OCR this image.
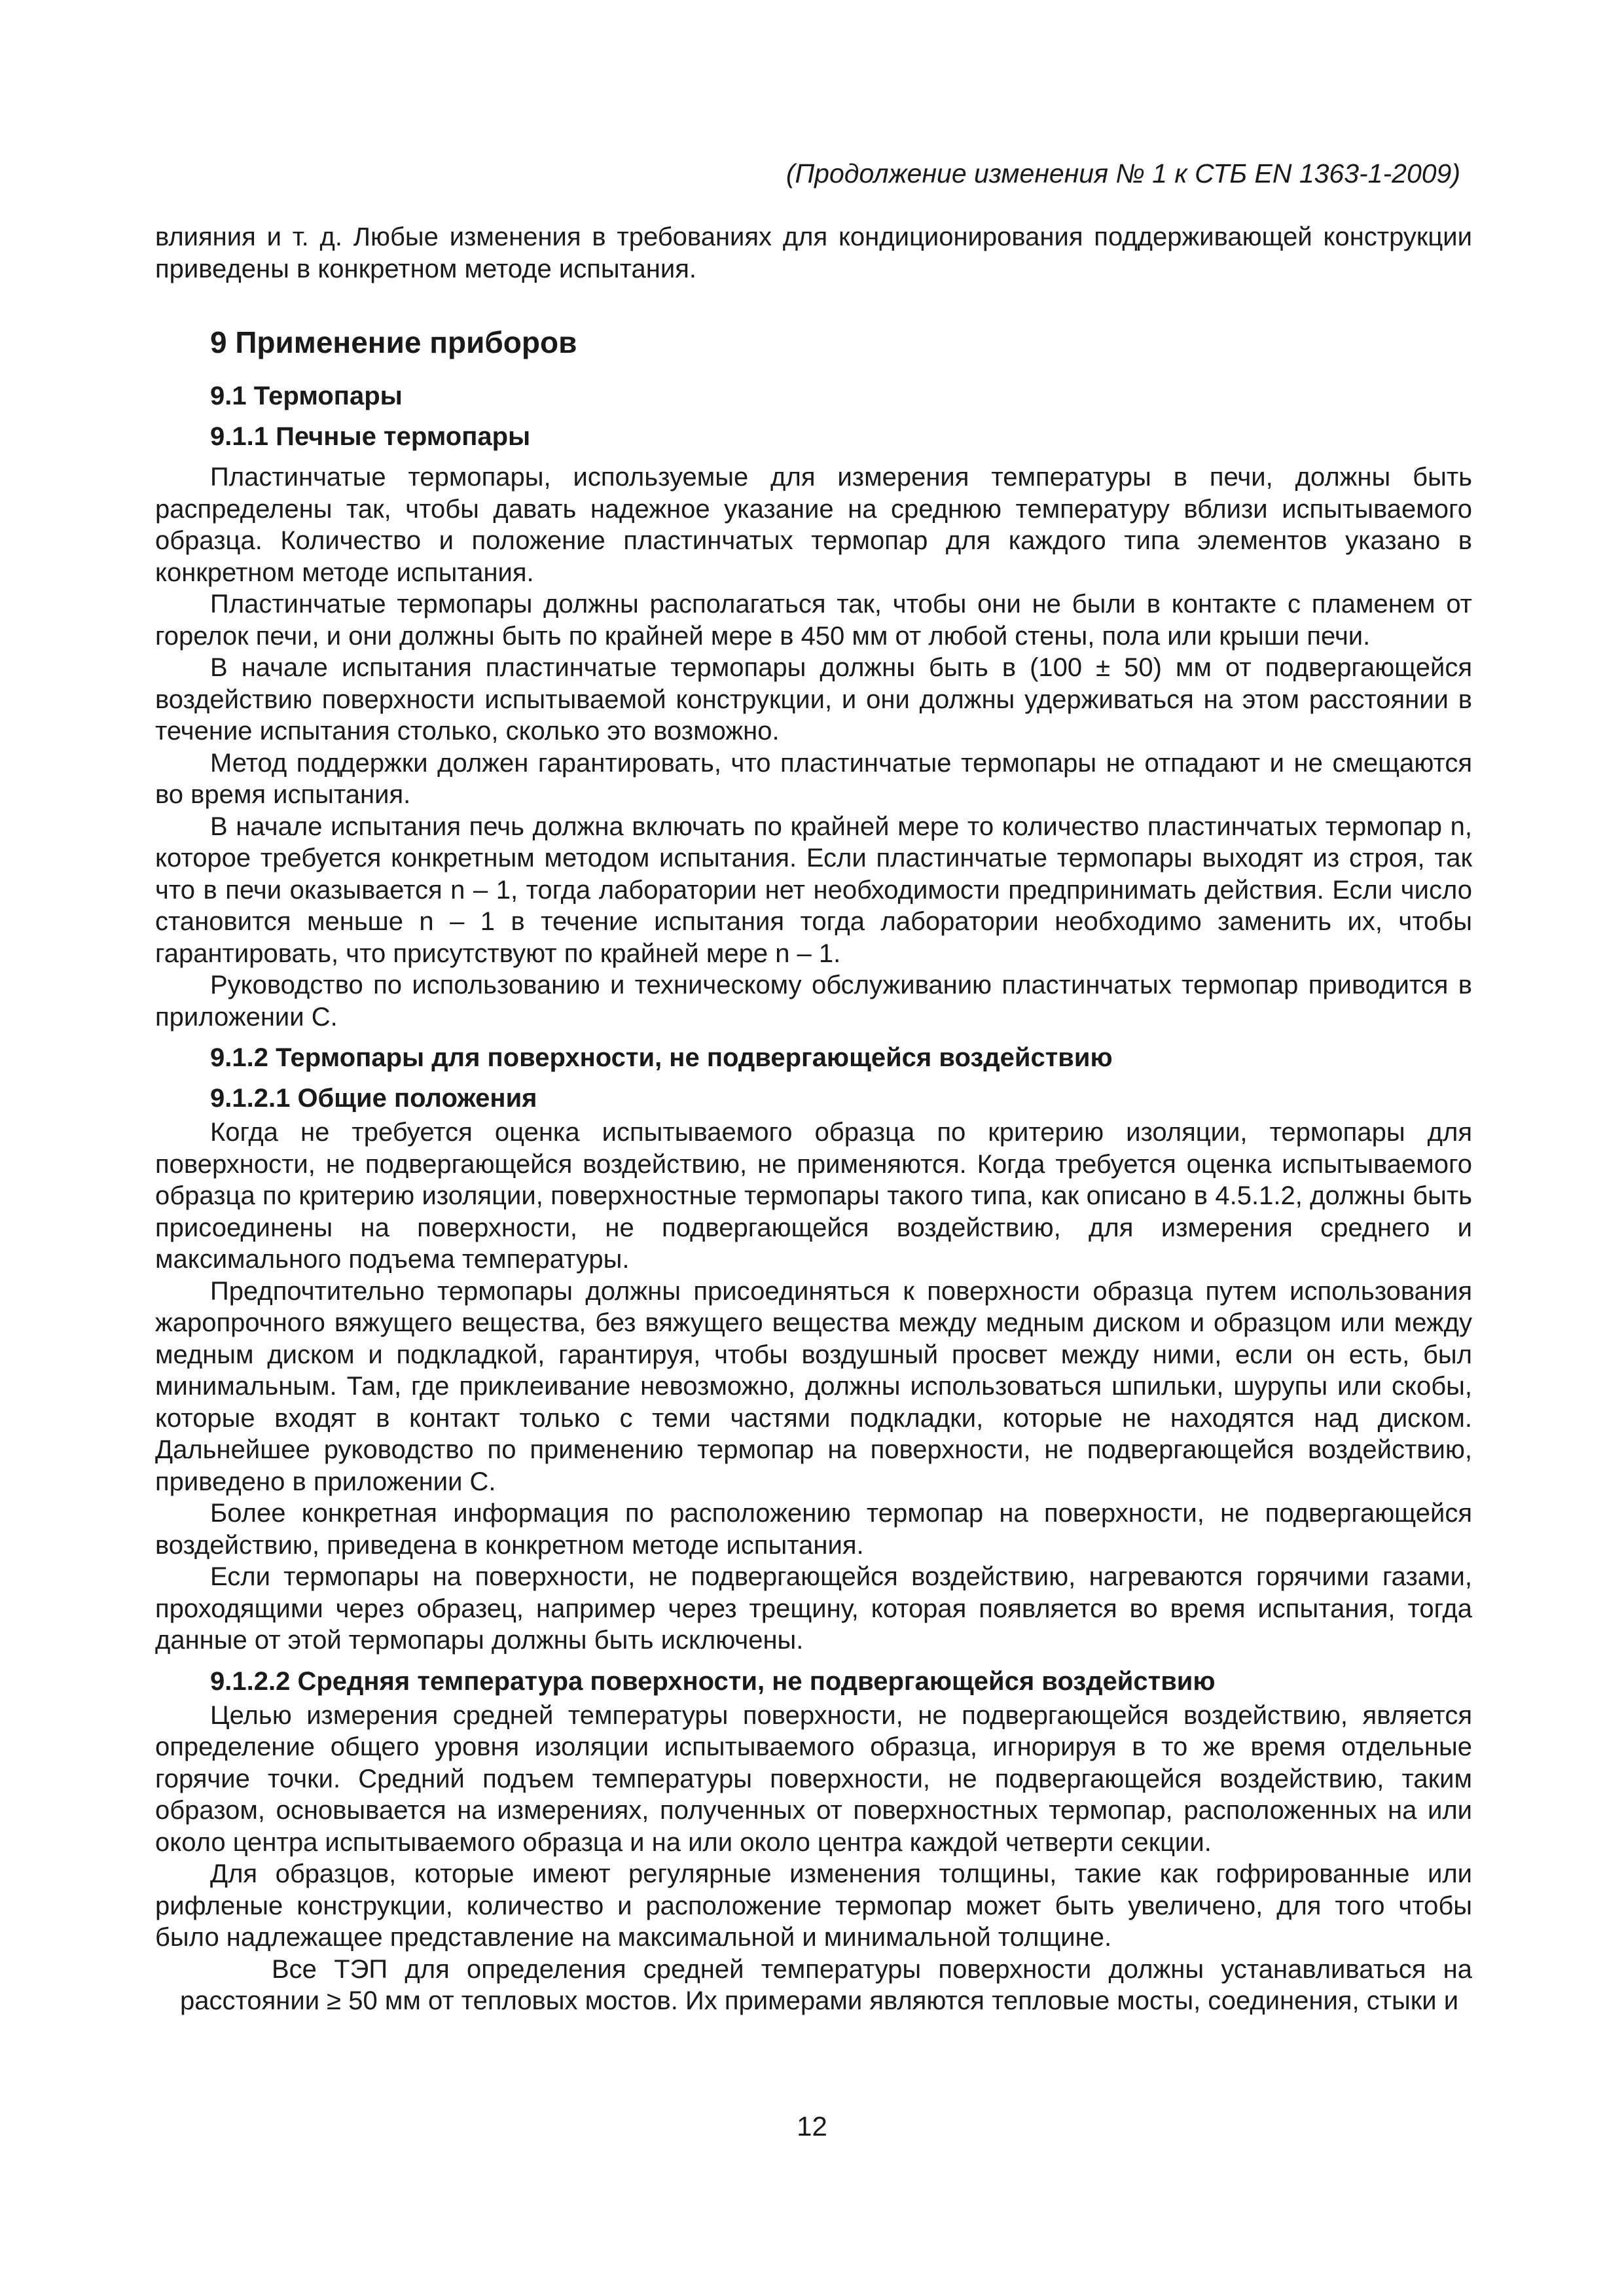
(Продолжение изменения № 1 к СТБ EN 1363-1-2009)

влияния и т. д. Любые изменения в требованиях для кондиционирования поддерживающей конструкции приведены в конкретном методе испытания.

9 Применение приборов
9.1 Термопары
9.1.1 Печные термопары

Пластинчатые термопары, используемые для измерения температуры в печи, должны быть распределены так, чтобы давать надежное указание на среднюю температуру вблизи испытываемого образца. Количество и положение пластинчатых термопар для каждого типа элементов указано в конкретном методе испытания.

Пластинчатые термопары должны располагаться так, чтобы они не были в контакте с пламенем от горелок печи, и они должны быть по крайней мере в 450 мм от любой стены, пола или крыши печи.

В начале испытания пластинчатые термопары должны быть в (100 ± 50) мм от подвергающейся воздействию поверхности испытываемой конструкции, и они должны удерживаться на этом расстоянии в течение испытания столько, сколько это возможно.

Метод поддержки должен гарантировать, что пластинчатые термопары не отпадают и не смещаются во время испытания.

В начале испытания печь должна включать по крайней мере то количество пластинчатых термопар n, которое требуется конкретным методом испытания. Если пластинчатые термопары выходят из строя, так что в печи оказывается n – 1, тогда лаборатории нет необходимости предпринимать действия. Если число становится меньше n – 1 в течение испытания тогда лаборатории необходимо заменить их, чтобы гарантировать, что присутствуют по крайней мере n – 1.

Руководство по использованию и техническому обслуживанию пластинчатых термопар приводится в приложении С.

9.1.2 Термопары для поверхности, не подвергающейся воздействию
9.1.2.1 Общие положения

Когда не требуется оценка испытываемого образца по критерию изоляции, термопары для поверхности, не подвергающейся воздействию, не применяются. Когда требуется оценка испытываемого образца по критерию изоляции, поверхностные термопары такого типа, как описано в 4.5.1.2, должны быть присоединены на поверхности, не подвергающейся воздействию, для измерения среднего и максимального подъема температуры.

Предпочтительно термопары должны присоединяться к поверхности образца путем использования жаропрочного вяжущего вещества, без вяжущего вещества между медным диском и образцом или между медным диском и подкладкой, гарантируя, чтобы воздушный просвет между ними, если он есть, был минимальным. Там, где приклеивание невозможно, должны использоваться шпильки, шурупы или скобы, которые входят в контакт только с теми частями подкладки, которые не находятся над диском. Дальнейшее руководство по применению термопар на поверхности, не подвергающейся воздействию, приведено в приложении С.

Более конкретная информация по расположению термопар на поверхности, не подвергающейся воздействию, приведена в конкретном методе испытания.

Если термопары на поверхности, не подвергающейся воздействию, нагреваются горячими газами, проходящими через образец, например через трещину, которая появляется во время испытания, тогда данные от этой термопары должны быть исключены.

9.1.2.2 Средняя температура поверхности, не подвергающейся воздействию

Целью измерения средней температуры поверхности, не подвергающейся воздействию, является определение общего уровня изоляции испытываемого образца, игнорируя в то же время отдельные горячие точки. Средний подъем температуры поверхности, не подвергающейся воздействию, таким образом, основывается на измерениях, полученных от поверхностных термопар, расположенных на или около центра испытываемого образца и на или около центра каждой четверти секции.

Для образцов, которые имеют регулярные изменения толщины, такие как гофрированные или рифленые конструкции, количество и расположение термопар может быть увеличено, для того чтобы было надлежащее представление на максимальной и минимальной толщине.

Все ТЭП для определения средней температуры поверхности должны устанавливаться на расстоянии ≥ 50 мм от тепловых мостов. Их примерами являются тепловые мосты, соединения, стыки и

12
